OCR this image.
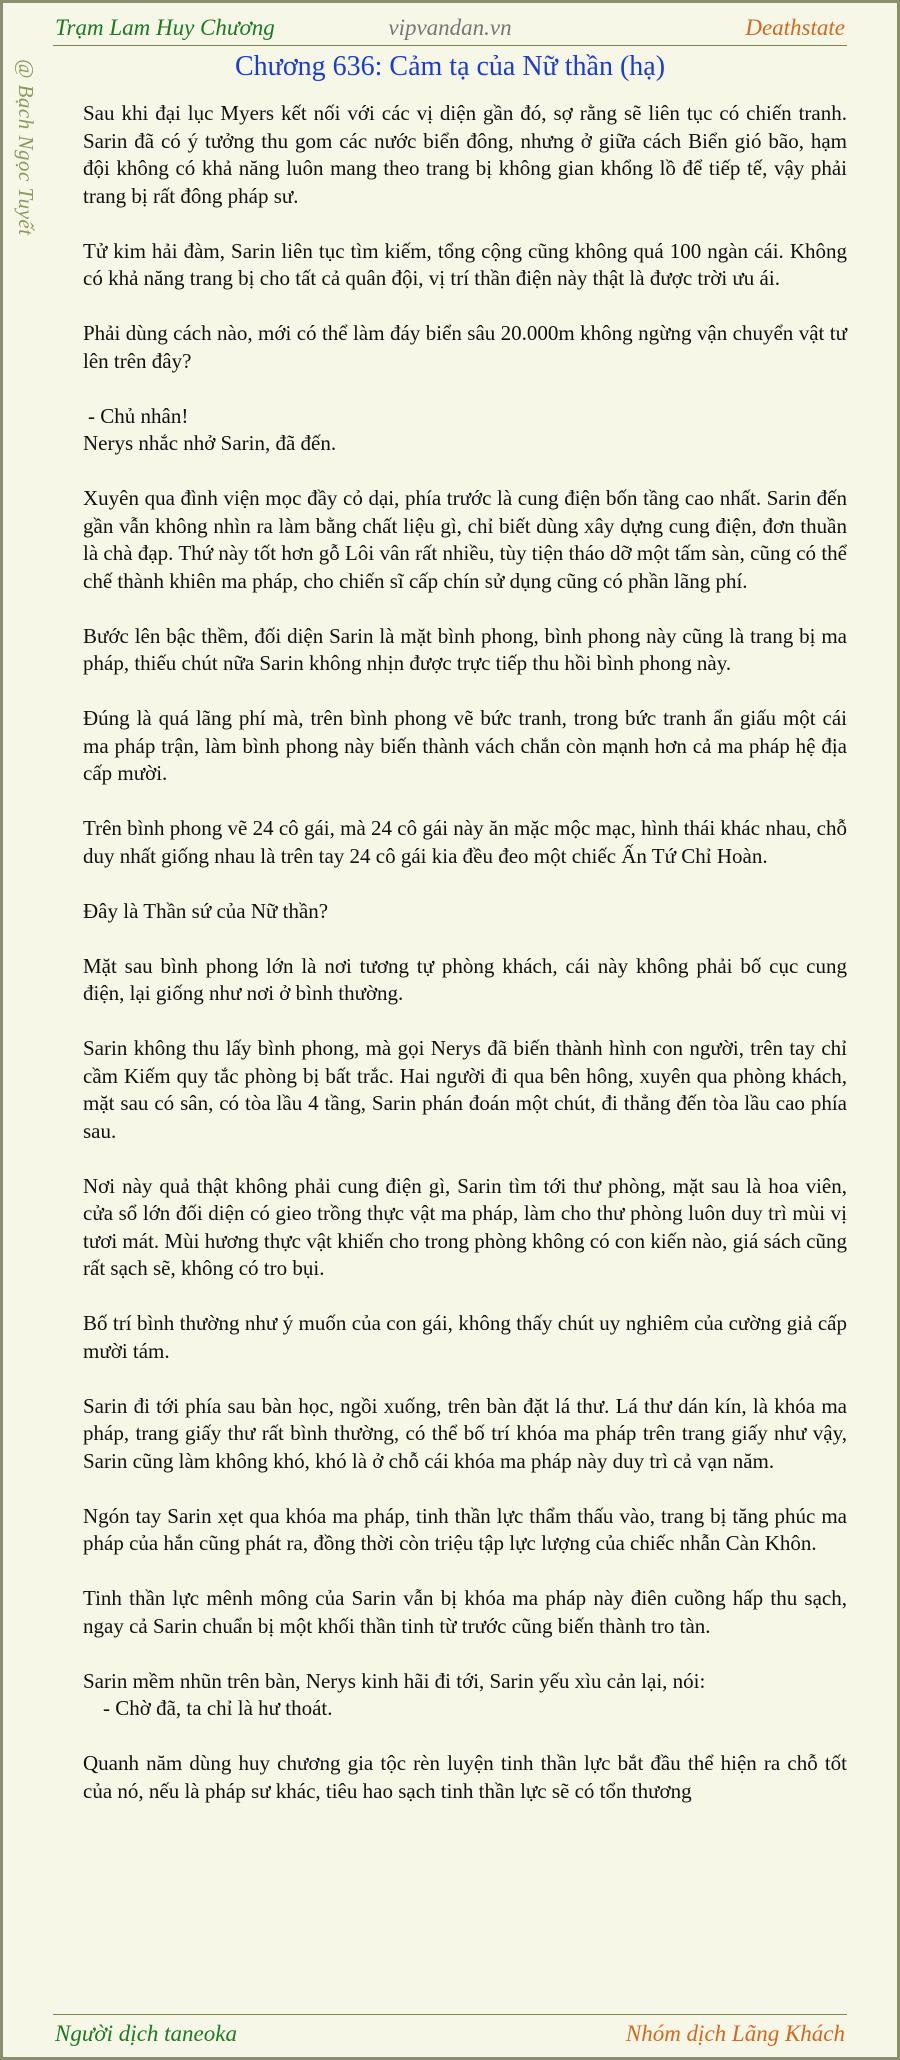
Trạm Lam Huy Chương	vipvandan.vn	Deathstate
@ Bạch Ngọc Tuyết	Chương 636: Cảm tạ của Nữ thần (hạ)

Sau khi đại lục Myers kết nối với các vị diện gần đó, sợ rằng sẽ liên tục có chiến tranh. Sarin đã có ý tưởng thu gom các nước biển đông, nhưng ở giữa cách Biển gió bão, hạm đội không có khả năng luôn mang theo trang bị không gian khổng lồ để tiếp tế, vậy phải trang bị rất đông pháp sư.

Tử kim hải đàm, Sarin liên tục tìm kiếm, tổng cộng cũng không quá 100 ngàn cái. Không có khả năng trang bị cho tất cả quân đội, vị trí thần điện này thật là được trời ưu ái.

Phải dùng cách nào, mới có thể làm đáy biển sâu 20.000m không ngừng vận chuyển vật tư lên trên đây?

- Chủ nhân!

Nerys nhắc nhở Sarin, đã đến.

Xuyên qua đình viện mọc đầy cỏ dại, phía trước là cung điện bốn tầng cao nhất. Sarin đến gần vẫn không nhìn ra làm bằng chất liệu gì, chỉ biết dùng xây dựng cung điện, đơn thuần là chà đạp. Thứ này tốt hơn gỗ Lôi vân rất nhiều, tùy tiện tháo dỡ một tấm sàn, cũng có thể chế thành khiên ma pháp, cho chiến sĩ cấp chín sử dụng cũng có phần lãng phí.

Bước lên bậc thềm, đối diện Sarin là mặt bình phong, bình phong này cũng là trang bị ma pháp, thiếu chút nữa Sarin không nhịn được trực tiếp thu hồi bình phong này.

Đúng là quá lãng phí mà, trên bình phong vẽ bức tranh, trong bức tranh ẩn giấu một cái ma pháp trận, làm bình phong này biến thành vách chắn còn mạnh hơn cả ma pháp hệ địa cấp mười.

Trên bình phong vẽ 24 cô gái, mà 24 cô gái này ăn mặc mộc mạc, hình thái khác nhau, chỗ duy nhất giống nhau là trên tay 24 cô gái kia đều đeo một chiếc Ấn Tứ Chỉ Hoàn.

Đây là Thần sứ của Nữ thần?

Mặt sau bình phong lớn là nơi tương tự phòng khách, cái này không phải bố cục cung điện, lại giống như nơi ở bình thường.

Sarin không thu lấy bình phong, mà gọi Nerys đã biến thành hình con người, trên tay chỉ cầm Kiếm quy tắc phòng bị bất trắc. Hai người đi qua bên hông, xuyên qua phòng khách, mặt sau có sân, có tòa lầu 4 tầng, Sarin phán đoán một chút, đi thẳng đến tòa lầu cao phía sau.

Nơi này quả thật không phải cung điện gì, Sarin tìm tới thư phòng, mặt sau là hoa viên, cửa sổ lớn đối diện có gieo trồng thực vật ma pháp, làm cho thư phòng luôn duy trì mùi vị tươi mát. Mùi hương thực vật khiến cho trong phòng không có con kiến nào, giá sách cũng rất sạch sẽ, không có tro bụi.

Bố trí bình thường như ý muốn của con gái, không thấy chút uy nghiêm của cường giả cấp mười tám.

Sarin đi tới phía sau bàn học, ngồi xuống, trên bàn đặt lá thư. Lá thư dán kín, là khóa ma pháp, trang giấy thư rất bình thường, có thể bố trí khóa ma pháp trên trang giấy như vậy, Sarin cũng làm không khó, khó là ở chỗ cái khóa ma pháp này duy trì cả vạn năm.

Ngón tay Sarin xẹt qua khóa ma pháp, tinh thần lực thẩm thấu vào, trang bị tăng phúc ma pháp của hắn cũng phát ra, đồng thời còn triệu tập lực lượng của chiếc nhẫn Càn Khôn.

Tinh thần lực mênh mông của Sarin vẫn bị khóa ma pháp này điên cuồng hấp thu sạch, ngay cả Sarin chuẩn bị một khối thần tinh từ trước cũng biến thành tro tàn.

Sarin mềm nhũn trên bàn, Nerys kinh hãi đi tới, Sarin yếu xìu cản lại, nói:

- Chờ đã, ta chỉ là hư thoát.

Quanh năm dùng huy chương gia tộc rèn luyện tinh thần lực bắt đầu thể hiện ra chỗ tốt của nó, nếu là pháp sư khác, tiêu hao sạch tinh thần lực sẽ có tổn thương

Người dịch taneoka	Nhóm dịch Lãng Khách
